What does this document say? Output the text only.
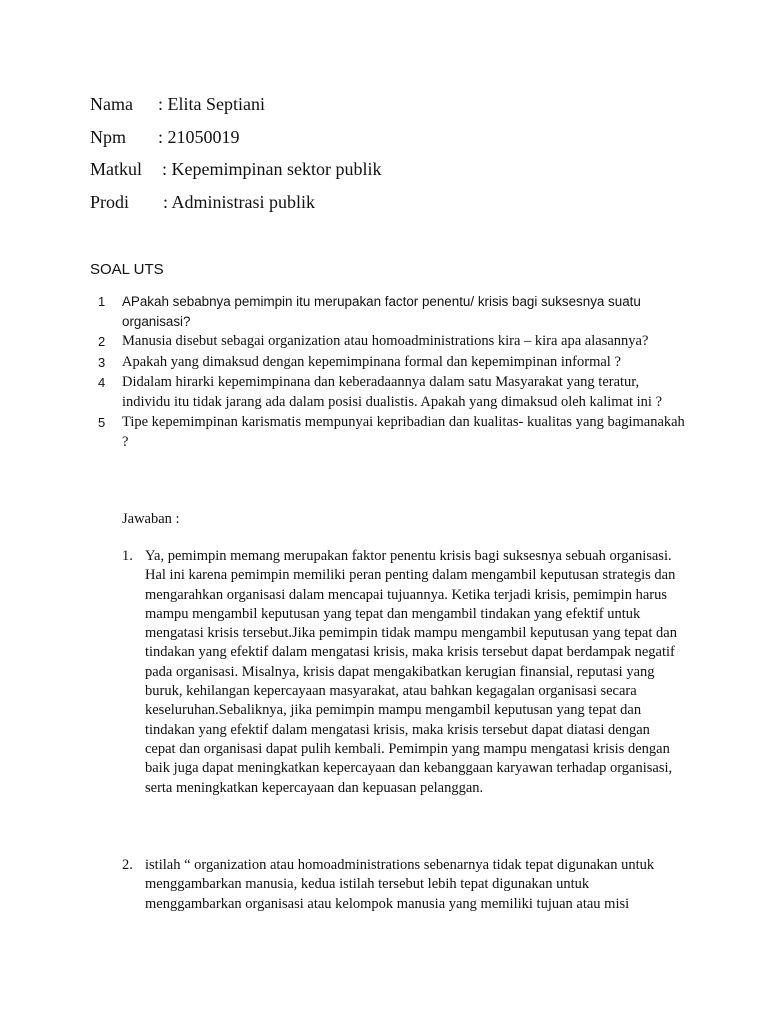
Nama	: Elita Septiani
Npm	: 21050019
Matkul	: Kepemimpinan sektor publik
Prodi	: Administrasi publik
SOAL UTS
1 APakah sebabnya pemimpin itu merupakan factor penentu/ krisis bagi suksesnya suatu organisasi?
2 Manusia disebut sebagai organization atau homoadministrations kira – kira apa alasannya?
3 Apakah yang dimaksud dengan kepemimpinana formal dan kepemimpinan informal ?
4 Didalam hirarki kepemimpinana dan keberadaannya dalam satu Masyarakat yang teratur, individu itu tidak jarang ada dalam posisi dualistis. Apakah yang dimaksud oleh kalimat ini ?
5 Tipe kepemimpinan karismatis mempunyai kepribadian dan kualitas- kualitas yang bagimanakah ?
Jawaban :
1. Ya, pemimpin memang merupakan faktor penentu krisis bagi suksesnya sebuah organisasi. Hal ini karena pemimpin memiliki peran penting dalam mengambil keputusan strategis dan mengarahkan organisasi dalam mencapai tujuannya. Ketika terjadi krisis, pemimpin harus mampu mengambil keputusan yang tepat dan mengambil tindakan yang efektif untuk mengatasi krisis tersebut.Jika pemimpin tidak mampu mengambil keputusan yang tepat dan tindakan yang efektif dalam mengatasi krisis, maka krisis tersebut dapat berdampak negatif pada organisasi. Misalnya, krisis dapat mengakibatkan kerugian finansial, reputasi yang buruk, kehilangan kepercayaan masyarakat, atau bahkan kegagalan organisasi secara keseluruhan.Sebaliknya, jika pemimpin mampu mengambil keputusan yang tepat dan tindakan yang efektif dalam mengatasi krisis, maka krisis tersebut dapat diatasi dengan cepat dan organisasi dapat pulih kembali. Pemimpin yang mampu mengatasi krisis dengan baik juga dapat meningkatkan kepercayaan dan kebanggaan karyawan terhadap organisasi, serta meningkatkan kepercayaan dan kepuasan pelanggan.
2. istilah “ organization atau homoadministrations sebenarnya tidak tepat digunakan untuk menggambarkan manusia, kedua istilah tersebut lebih tepat digunakan untuk menggambarkan organisasi atau kelompok manusia yang memiliki tujuan atau misi
